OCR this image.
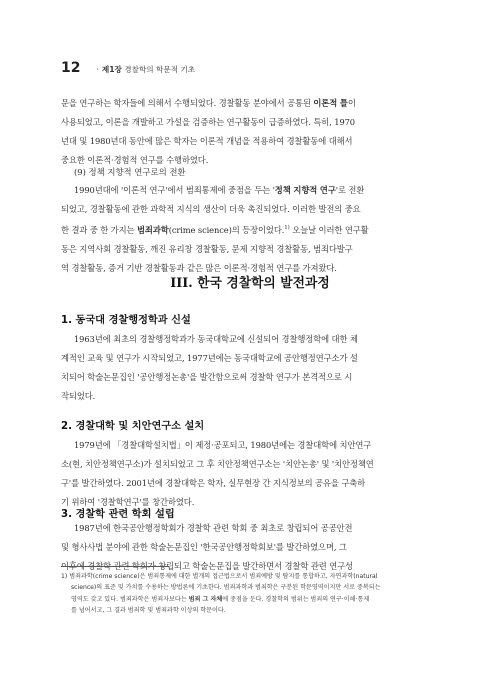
12 · 제1장 경찰학의 학문적 기초

문을 연구하는 학자들에 의해서 수행되었다. 경찰활동 분야에서 공통된 이론적 틀이
사용되었고, 이론을 개발하고 가설을 검증하는 연구활동이 급증하였다. 특히, 1970
년대 및 1980년대 동안에 많은 학자는 이론적 개념을 적용하여 경찰활동에 대해서
중요한 이론적·경험적 연구를 수행하였다.

(9) 정책 지향적 연구로의 전환

1990년대에 '이론적 연구'에서 범죄통제에 중점을 두는 '정책 지향적 연구'로 전환

되었고, 경찰활동에 관한 과학적 지식의 생산이 더욱 촉진되었다. 이러한 발전의 중요
한 결과 중 한 가지는 범죄과학(crime science)의 등장이었다.$^{1)}$ 오늘날 이러한 연구활
동은 지역사회 경찰활동, 깨진 유리창 경찰활동, 문제 지향적 경찰활동, 범죄다발구
역 경찰활동, 증거 기반 경찰활동과 같은 많은 이론적·경험적 연구를 가져왔다.

III. 한국 경찰학의 발전과정
1. 동국대 경찰행정학과 신설

1963년에 최초의 경찰행정학과가 동국대학교에 신설되어 경찰행정학에 대한 체

계적인 교육 및 연구가 시작되었고, 1977년에는 동국대학교에 공안행정연구소가 설
치되어 학술논문집인 '공안행정논총'을 발간함으로써 경찰학 연구가 본격적으로 시
작되었다.

2. 경찰대학 및 치안연구소 설치

1979년에 「경찰대학설치법」이 제정·공포되고, 1980년에는 경찰대학에 치안연구

소(현, 치안정책연구소)가 설치되었고 그 후 치안정책연구소는 '치안논총' 및 '치안정책연
구'를 발간하였다. 2001년에 경찰대학은 학자, 실무현장 간 지식정보의 공유을 구축하
기 위하여 '경찰학연구'를 창간하였다.

3. 경찰학 관련 학회 설립

1987년에 한국공안행정학회가 경찰학 관련 학회 중 최초로 창립되어 공공안전

및 형사사법 분야에 관한 학술논문집인 '한국공안행정학회보'를 발간하였으며, 그
이후에 경찰학 관련 학회가 창립되고 학술논문집을 발간하면서 경찰학 관련 연구성

1) 범죄과학(crime science)은 범죄통제에 대한 별개의 접근법으로서 범죄예방 및 탐지를 통합하고, 자연과학(natural
science)의 표준 및 가치를 수용하는 방법론에 기초한다. 범죄과학과 범죄학은 구분된 학문영역이지만 서로 중복되는
영역도 갖고 있다. 범죄과학은 범죄자보다는 범죄 그 자체에 중점을 둔다. 경찰학의 범위는 범죄의 연구·이해·통제
를 넘어서고, 그 결과 범죄학 및 범죄과학 이상의 학문이다.
